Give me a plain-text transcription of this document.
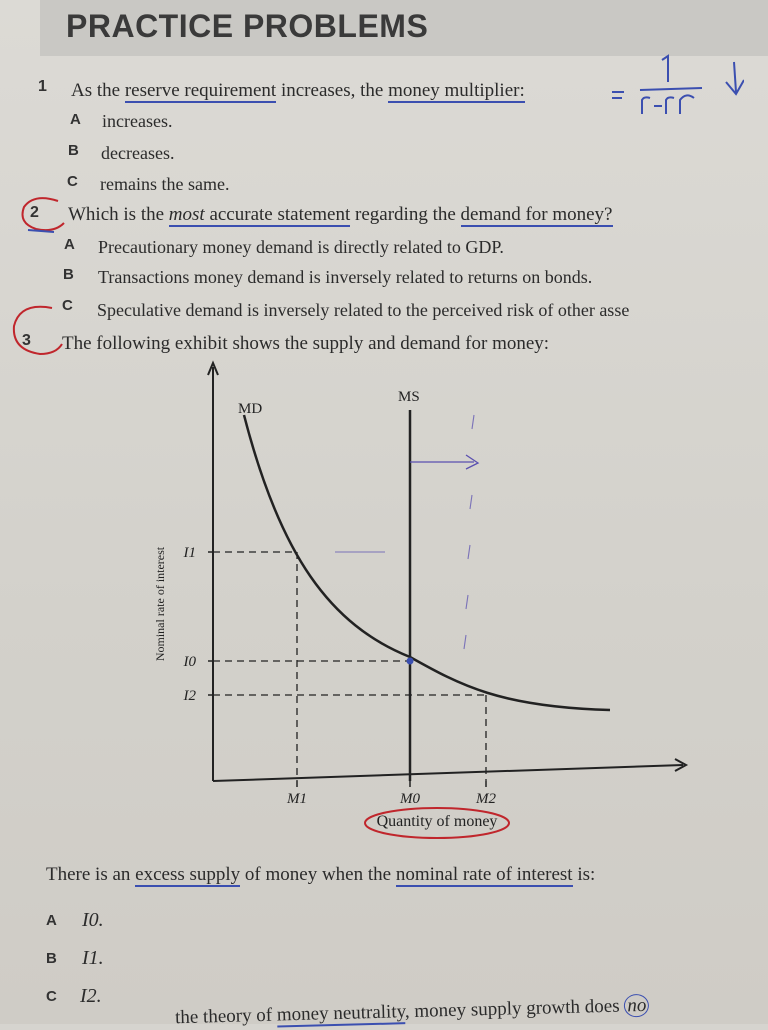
PRACTICE PROBLEMS
1 As the reserve requirement increases, the money multiplier:
A increases.
B decreases.
C remains the same.
2 Which is the most accurate statement regarding the demand for money?
A Precautionary money demand is directly related to GDP.
B Transactions money demand is inversely related to returns on bonds.
C Speculative demand is inversely related to the perceived risk of other asse
3 The following exhibit shows the supply and demand for money:
Nominal rate of interest
MD
MS
I1
I0
I2
M1	M0	M2
Quantity of money
There is an excess supply of money when the nominal rate of interest is:
A I0.
B I1.
C I2.
the theory of money neutrality, money supply growth does no
